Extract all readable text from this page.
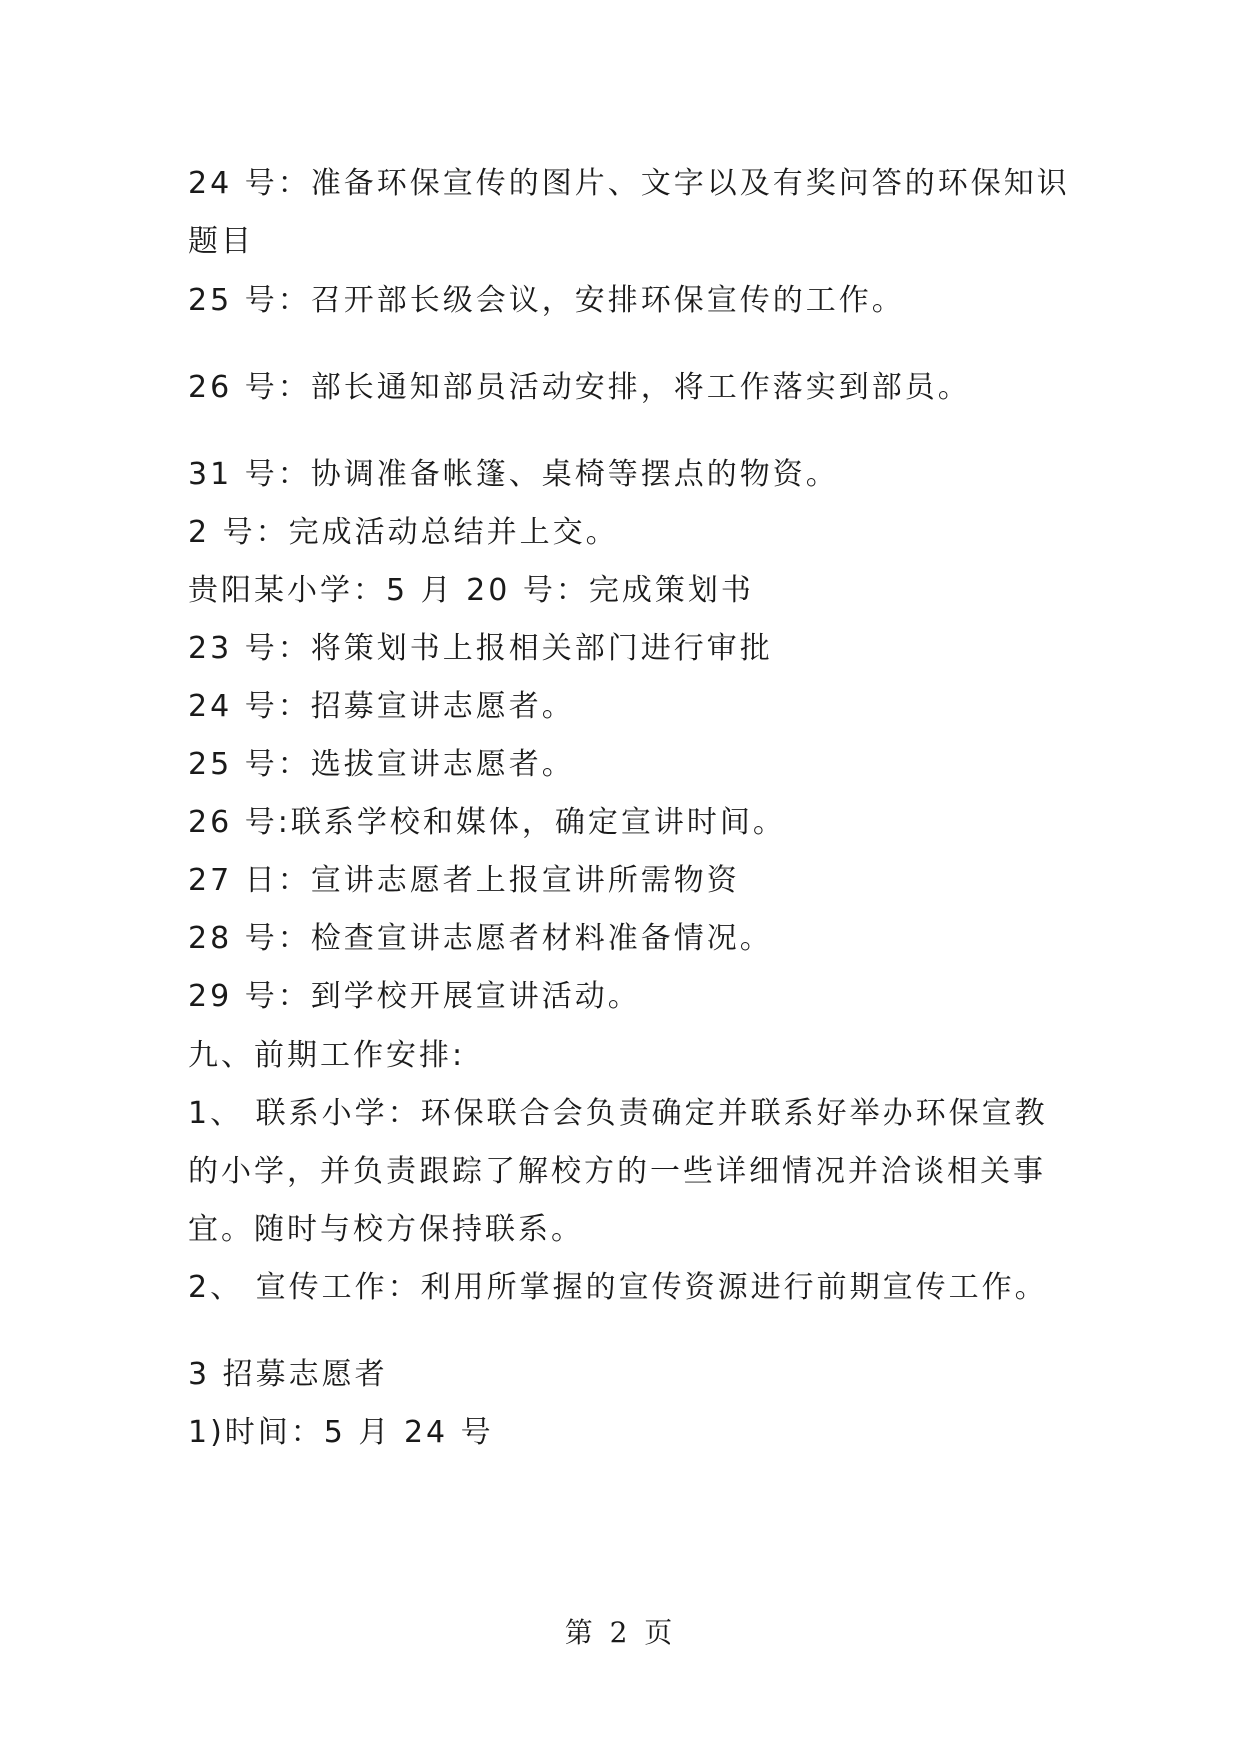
24 号：准备环保宣传的图片、文字以及有奖问答的环保知识
题目
25 号：召开部长级会议，安排环保宣传的工作。
26 号：部长通知部员活动安排，将工作落实到部员。
31 号：协调准备帐篷、桌椅等摆点的物资。
2 号：完成活动总结并上交。
贵阳某小学：5 月 20 号：完成策划书
23 号：将策划书上报相关部门进行审批
24 号：招募宣讲志愿者。
25 号：选拔宣讲志愿者。
26 号:联系学校和媒体，确定宣讲时间。
27 日：宣讲志愿者上报宣讲所需物资
28 号：检查宣讲志愿者材料准备情况。
29 号：到学校开展宣讲活动。
九、前期工作安排:
1、 联系小学：环保联合会负责确定并联系好举办环保宣教
的小学，并负责跟踪了解校方的一些详细情况并洽谈相关事
宜。随时与校方保持联系。
2、 宣传工作：利用所掌握的宣传资源进行前期宣传工作。
3 招募志愿者
1)时间：5 月 24 号
第 2 页
